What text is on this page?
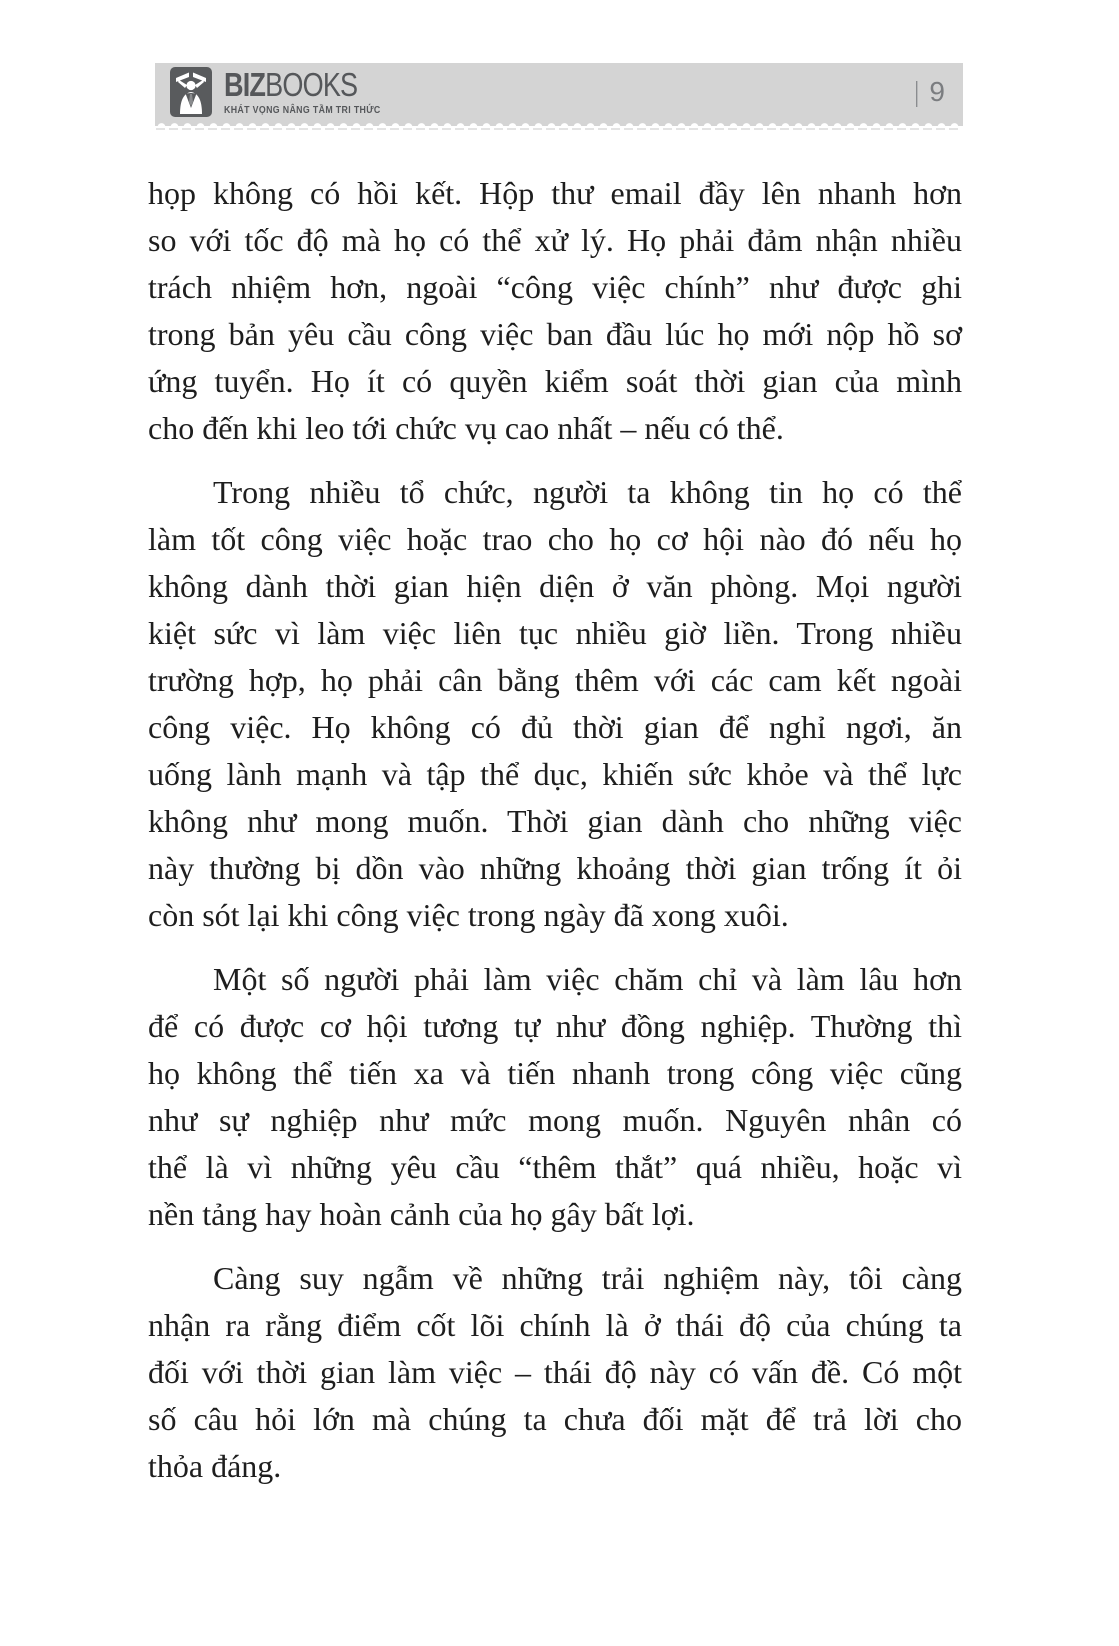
BIZBOOKS
KHÁT VỌNG NÂNG TẦM TRI THỨC
| 9
họp không có hồi kết. Hộp thư email đầy lên nhanh hơn
so với tốc độ mà họ có thể xử lý. Họ phải đảm nhận nhiều
trách nhiệm hơn, ngoài “công việc chính” như được ghi
trong bản yêu cầu công việc ban đầu lúc họ mới nộp hồ sơ
ứng tuyển. Họ ít có quyền kiểm soát thời gian của mình
cho đến khi leo tới chức vụ cao nhất – nếu có thể.
Trong nhiều tổ chức, người ta không tin họ có thể
làm tốt công việc hoặc trao cho họ cơ hội nào đó nếu họ
không dành thời gian hiện diện ở văn phòng. Mọi người
kiệt sức vì làm việc liên tục nhiều giờ liền. Trong nhiều
trường hợp, họ phải cân bằng thêm với các cam kết ngoài
công việc. Họ không có đủ thời gian để nghỉ ngơi, ăn
uống lành mạnh và tập thể dục, khiến sức khỏe và thể lực
không như mong muốn. Thời gian dành cho những việc
này thường bị dồn vào những khoảng thời gian trống ít ỏi
còn sót lại khi công việc trong ngày đã xong xuôi.
Một số người phải làm việc chăm chỉ và làm lâu hơn
để có được cơ hội tương tự như đồng nghiệp. Thường thì
họ không thể tiến xa và tiến nhanh trong công việc cũng
như sự nghiệp như mức mong muốn. Nguyên nhân có
thể là vì những yêu cầu “thêm thắt” quá nhiều, hoặc vì
nền tảng hay hoàn cảnh của họ gây bất lợi.
Càng suy ngẫm về những trải nghiệm này, tôi càng
nhận ra rằng điểm cốt lõi chính là ở thái độ của chúng ta
đối với thời gian làm việc – thái độ này có vấn đề. Có một
số câu hỏi lớn mà chúng ta chưa đối mặt để trả lời cho
thỏa đáng.
